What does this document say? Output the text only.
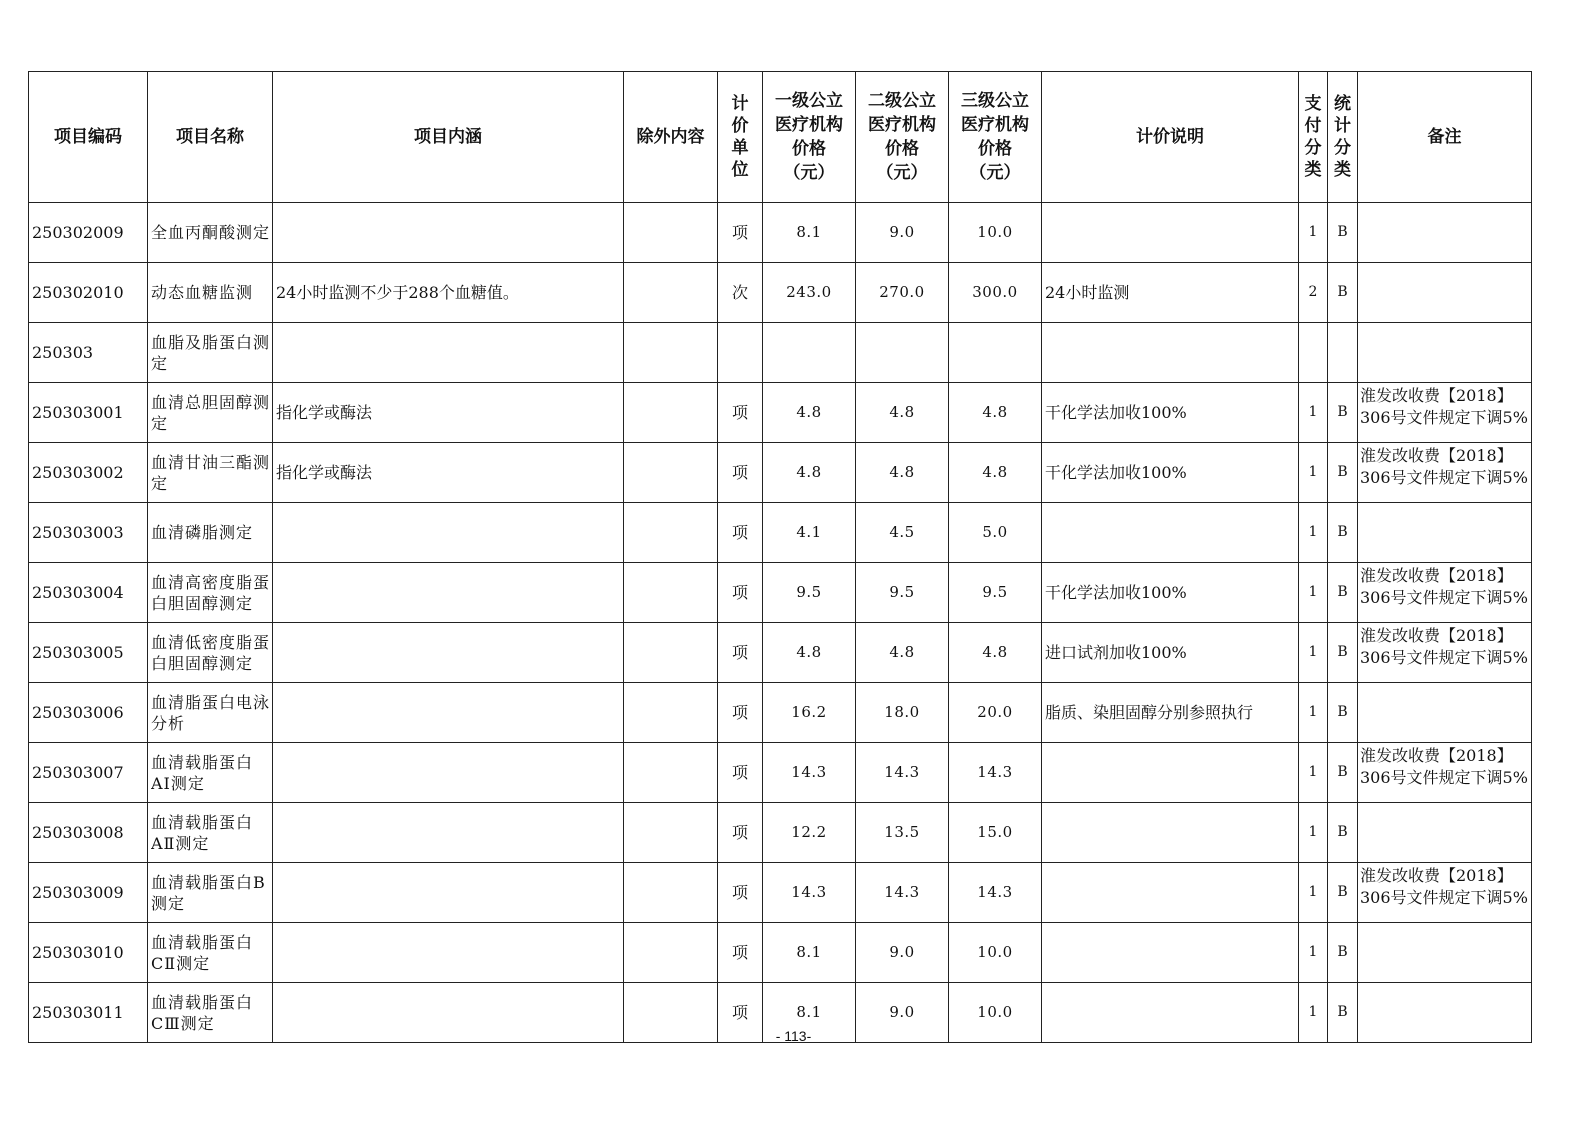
项目编码	项目名称	项目内涵	除外内容	计价单位	一级公立医疗机构价格（元）	二级公立医疗机构价格（元）	三级公立医疗机构价格（元）	计价说明	支付分类	统计分类	备注
250302009	全血丙酮酸测定			项	8.1	9.0	10.0		1	B	

250302010	动态血糖监测	24小时监测不少于288个血糖值。		次	243.0	270.0	300.0	24小时监测	2	B	

250303	血脂及脂蛋白测定										

250303001	血清总胆固醇测定	指化学或酶法		项	4.8	4.8	4.8	干化学法加收100%	1	B	淮发改收费【2018】306号文件规定下调5%

250303002	血清甘油三酯测定	指化学或酶法		项	4.8	4.8	4.8	干化学法加收100%	1	B	淮发改收费【2018】306号文件规定下调5%

250303003	血清磷脂测定			项	4.1	4.5	5.0		1	B	

250303004	血清高密度脂蛋白胆固醇测定			项	9.5	9.5	9.5	干化学法加收100%	1	B	淮发改收费【2018】306号文件规定下调5%

250303005	血清低密度脂蛋白胆固醇测定			项	4.8	4.8	4.8	进口试剂加收100%	1	B	淮发改收费【2018】306号文件规定下调5%

250303006	血清脂蛋白电泳分析			项	16.2	18.0	20.0	脂质、染胆固醇分别参照执行	1	B	

250303007	血清载脂蛋白AⅠ测定			项	14.3	14.3	14.3		1	B	淮发改收费【2018】306号文件规定下调5%

250303008	血清载脂蛋白AⅡ测定			项	12.2	13.5	15.0		1	B	

250303009	血清载脂蛋白B测定			项	14.3	14.3	14.3		1	B	淮发改收费【2018】306号文件规定下调5%

250303010	血清载脂蛋白CⅡ测定			项	8.1	9.0	10.0		1	B	

250303011	血清载脂蛋白CⅢ测定			项	8.1	9.0	10.0		1	B	
- 113-
